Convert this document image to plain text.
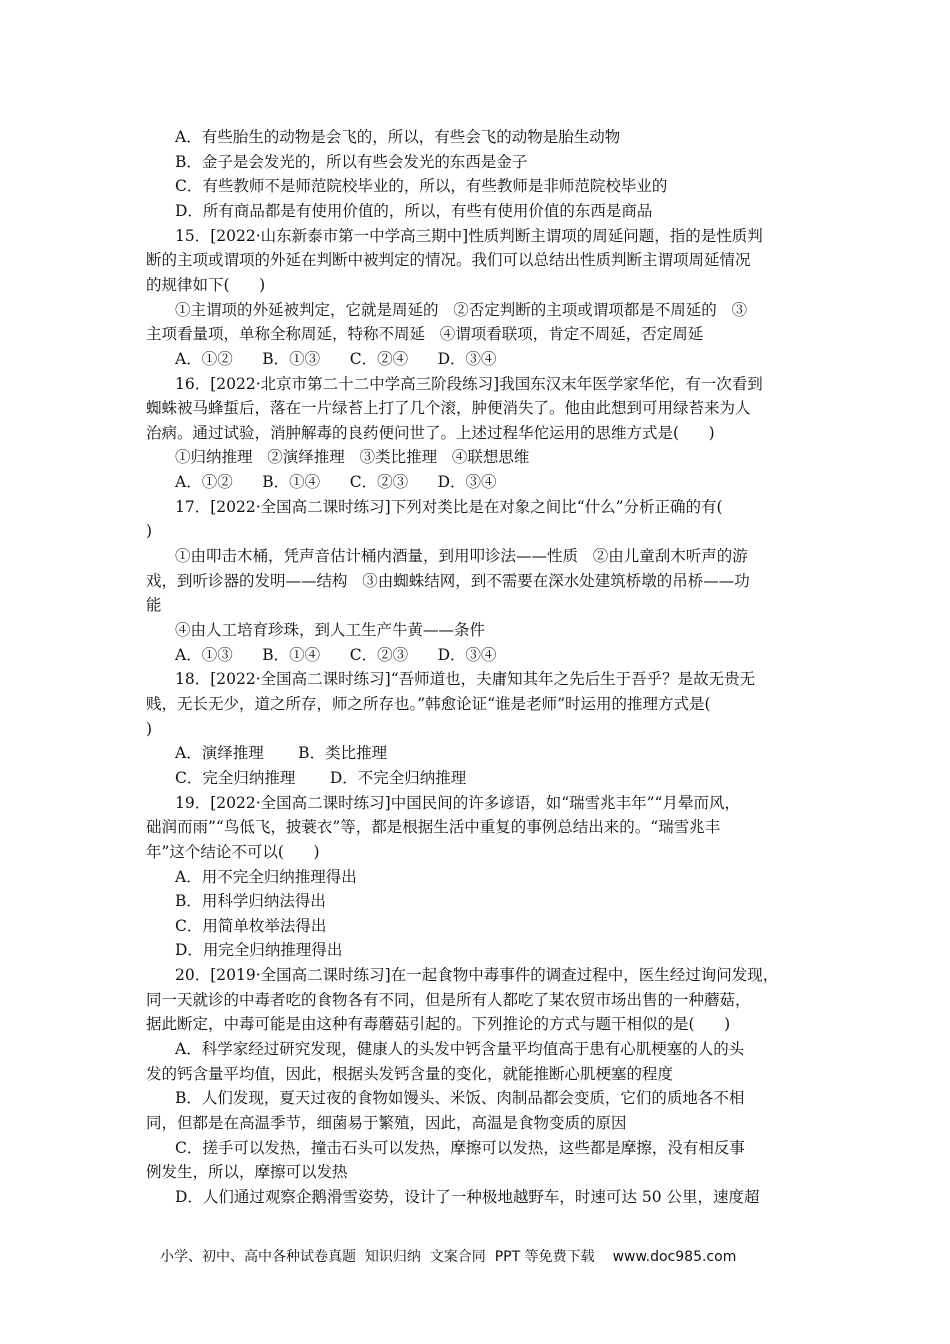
A．有些胎生的动物是会飞的，所以，有些会飞的动物是胎生动物
B．金子是会发光的，所以有些会发光的东西是金子
C．有些教师不是师范院校毕业的，所以，有些教师是非师范院校毕业的
D．所有商品都是有使用价值的，所以，有些有使用价值的东西是商品
15．[2022·山东新泰市第一中学高三期中]性质判断主谓项的周延问题，指的是性质判
断的主项或谓项的外延在判断中被判定的情况。我们可以总结出性质判断主谓项周延情况
的规律如下(      )
①主谓项的外延被判定，它就是周延的   ②否定判断的主项或谓项都是不周延的   ③
主项看量项，单称全称周延，特称不周延   ④谓项看联项，肯定不周延，否定周延
A．①②      B．①③      C．②④      D．③④
16．[2022·北京市第二十二中学高三阶段练习]我国东汉末年医学家华佗，有一次看到
蜘蛛被马蜂蜇后，落在一片绿苔上打了几个滚，肿便消失了。他由此想到可用绿苔来为人
治病。通过试验，消肿解毒的良药便问世了。上述过程华佗运用的思维方式是(      )
①归纳推理   ②演绎推理   ③类比推理   ④联想思维
A．①②      B．①④      C．②③      D．③④
17．[2022·全国高二课时练习]下列对类比是在对象之间比“什么”分析正确的有(
)
①由叩击木桶，凭声音估计桶内酒量，到用叩诊法——性质   ②由儿童刮木听声的游
戏，到听诊器的发明——结构   ③由蜘蛛结网，到不需要在深水处建筑桥墩的吊桥——功
能
④由人工培育珍珠，到人工生产牛黄——条件
A．①③      B．①④      C．②③      D．③④
18．[2022·全国高二课时练习]“吾师道也，夫庸知其年之先后生于吾乎？是故无贵无
贱，无长无少，道之所存，师之所存也。”韩愈论证“谁是老师”时运用的推理方式是(
)
A．演绎推理       B．类比推理
C．完全归纳推理       D．不完全归纳推理
19．[2022·全国高二课时练习]中国民间的许多谚语，如“瑞雪兆丰年”“月晕而风，
础润而雨”“鸟低飞，披蓑衣”等，都是根据生活中重复的事例总结出来的。“瑞雪兆丰
年”这个结论不可以(      )
A．用不完全归纳推理得出
B．用科学归纳法得出
C．用简单枚举法得出
D．用完全归纳推理得出
20．[2019·全国高二课时练习]在一起食物中毒事件的调查过程中，医生经过询问发现，
同一天就诊的中毒者吃的食物各有不同，但是所有人都吃了某农贸市场出售的一种蘑菇，
据此断定，中毒可能是由这种有毒蘑菇引起的。下列推论的方式与题干相似的是(      )
A．科学家经过研究发现，健康人的头发中钙含量平均值高于患有心肌梗塞的人的头
发的钙含量平均值，因此，根据头发钙含量的变化，就能推断心肌梗塞的程度
B．人们发现，夏天过夜的食物如馒头、米饭、肉制品都会变质，它们的质地各不相
同，但都是在高温季节，细菌易于繁殖，因此，高温是食物变质的原因
C．搓手可以发热，撞击石头可以发热，摩擦可以发热，这些都是摩擦，没有相反事
例发生，所以，摩擦可以发热
D．人们通过观察企鹅滑雪姿势，设计了一种极地越野车，时速可达 50 公里，速度超
小学、初中、高中各种试卷真题  知识归纳  文案合同  PPT 等免费下载 www.doc985.com
